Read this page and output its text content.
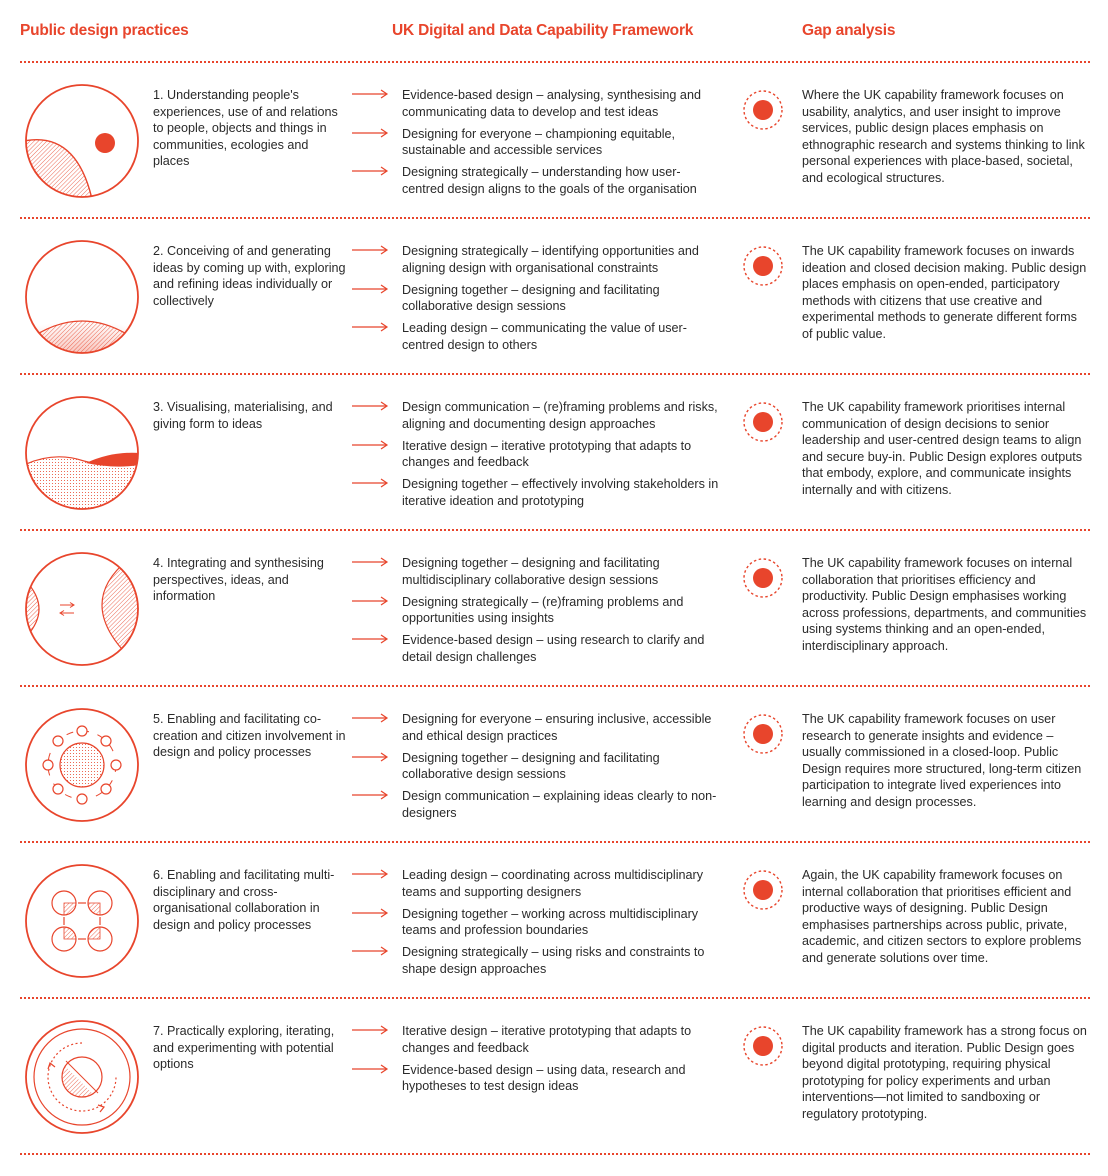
Public design practices	UK Digital and Data Capability Framework	Gap analysis
1. Understanding people's experiences, use of and relations to people, objects and things in communities, ecologies and places
Evidence-based design – analysing, synthesising and communicating data to develop and test ideas
Designing for everyone – championing equitable, sustainable and accessible services
Designing strategically – understanding how user-centred design aligns to the goals of the organisation
Where the UK capability framework focuses on usability, analytics, and user insight to improve services, public design places emphasis on ethnographic research and systems thinking to link personal experiences with place-based, societal, and ecological structures.
2. Conceiving of and generating ideas by coming up with, exploring and refining ideas individually or collectively
Designing strategically – identifying opportunities and aligning design with organisational constraints
Designing together – designing and facilitating collaborative design sessions
Leading design – communicating the value of user-centred design to others
The UK capability framework focuses on inwards ideation and closed decision making. Public design places emphasis on open-ended, participatory methods with citizens that use creative and experimental methods to generate different forms of public value.
3. Visualising, materialising, and giving form to ideas
Design communication – (re)framing problems and risks, aligning and documenting design approaches
Iterative design – iterative prototyping that adapts to changes and feedback
Designing together – effectively involving stakeholders in iterative ideation and prototyping
The UK capability framework prioritises internal communication of design decisions to senior leadership and user-centred design teams to align and secure buy-in. Public Design explores outputs that embody, explore, and communicate insights internally and with citizens.
4. Integrating and synthesising perspectives, ideas, and information
Designing together – designing and facilitating multidisciplinary collaborative design sessions
Designing strategically – (re)framing problems and opportunities using insights
Evidence-based design – using research to clarify and detail design challenges
The UK capability framework focuses on internal collaboration that prioritises efficiency and productivity. Public Design emphasises working across professions, departments, and communities using systems thinking and an open-ended, interdisciplinary approach.
5. Enabling and facilitating co-creation and citizen involvement in design and policy processes
Designing for everyone – ensuring inclusive, accessible and ethical design practices
Designing together – designing and facilitating collaborative design sessions
Design communication – explaining ideas clearly to non-designers
The UK capability framework focuses on user research to generate insights and evidence – usually commissioned in a closed-loop. Public Design requires more structured, long-term citizen participation to integrate lived experiences into learning and design processes.
6. Enabling and facilitating multi-disciplinary and cross-organisational collaboration in design and policy processes
Leading design – coordinating across multidisciplinary teams and supporting designers
Designing together – working across multidisciplinary teams and profession boundaries
Designing strategically – using risks and constraints to shape design approaches
Again, the UK capability framework focuses on internal collaboration that prioritises efficient and productive ways of designing. Public Design emphasises partnerships across public, private, academic, and citizen sectors to explore problems and generate solutions over time.
7. Practically exploring, iterating, and experimenting with potential options
Iterative design – iterative prototyping that adapts to changes and feedback
Evidence-based design – using data, research and hypotheses to test design ideas
The UK capability framework has a strong focus on digital products and iteration. Public Design goes beyond digital prototyping, requiring physical prototyping for policy experiments and urban interventions—not limited to sandboxing or regulatory prototyping.
